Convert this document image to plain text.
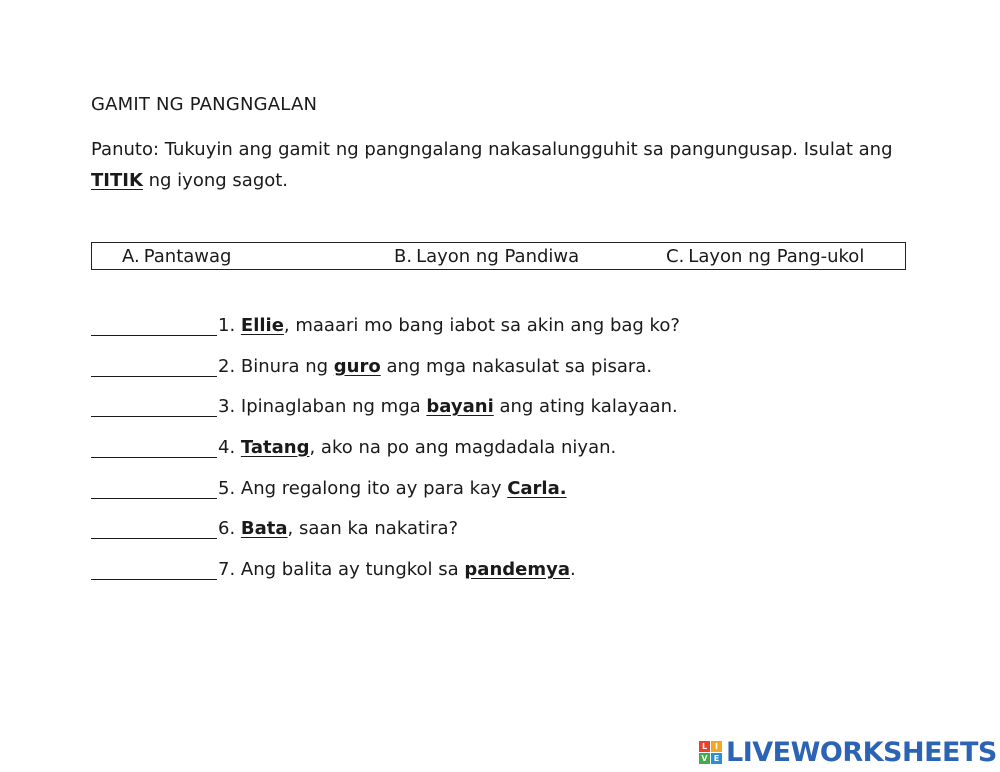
GAMIT NG PANGNGALAN
Panuto: Tukuyin ang gamit ng pangngalang nakasalungguhit sa pangungusap. Isulat ang
TITIK ng iyong sagot.
A. Pantawag	B. Layon ng Pandiwa	C. Layon ng Pang-ukol
1. Ellie, maaari mo bang iabot sa akin ang bag ko?
2. Binura ng guro ang mga nakasulat sa pisara.
3. Ipinaglaban ng mga bayani ang ating kalayaan.
4. Tatang, ako na po ang magdadala niyan.
5. Ang regalong ito ay para kay Carla.
6. Bata, saan ka nakatira?
7. Ang balita ay tungkol sa pandemya.
L I
V E LIVEWORKSHEETS
